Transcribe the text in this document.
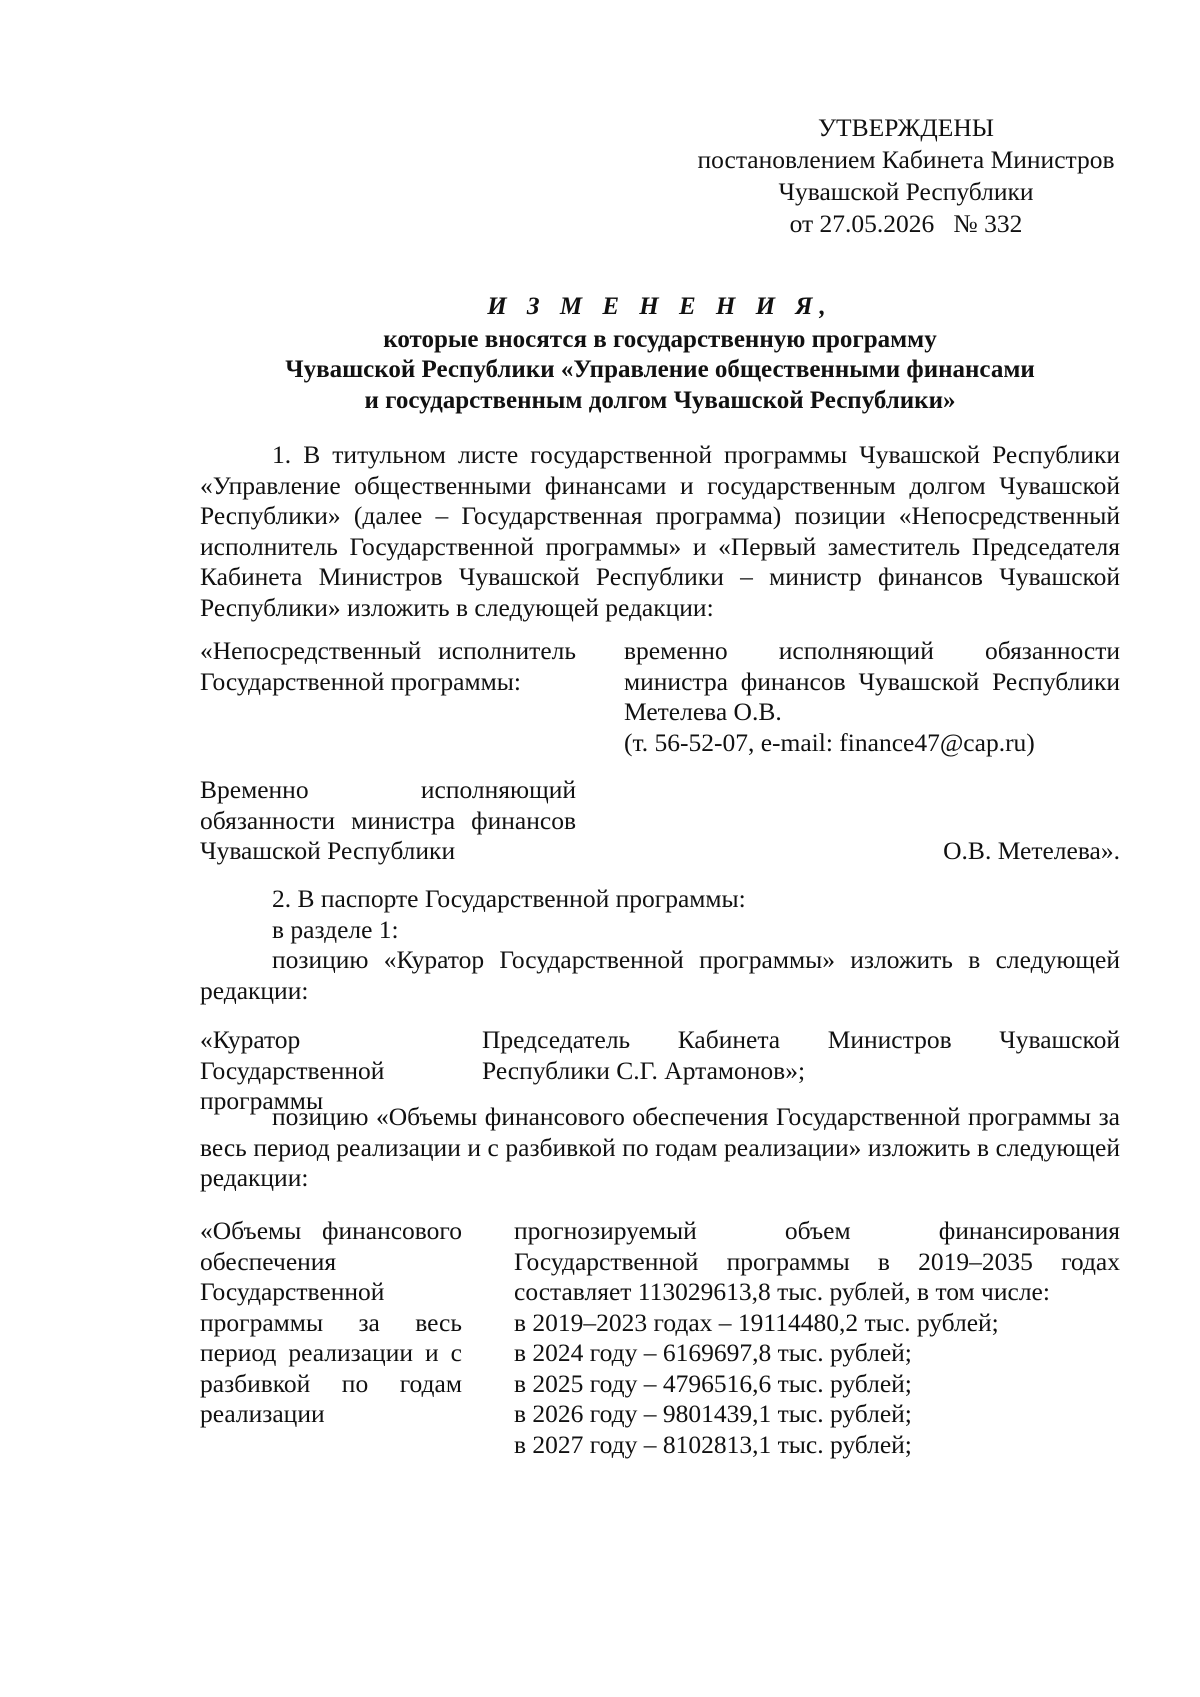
УТВЕРЖДЕНЫ
постановлением Кабинета Министров
Чувашской Республики
от 27.05.2026   № 332
И З М Е Н Е Н И Я,
которые вносятся в государственную программу
Чувашской Республики «Управление общественными финансами
и государственным долгом Чувашской Республики»
1. В титульном листе государственной программы Чувашской Республики «Управление общественными финансами и государственным долгом Чувашской Республики» (далее – Государственная программа) позиции «Непосредственный исполнитель Государственной программы» и «Первый заместитель Председателя Кабинета Министров Чувашской Республики – министр финансов Чувашской Республики» изложить в следующей редакции:
«Непосредственный исполнитель Государственной программы:
временно исполняющий обязанности министра финансов Чувашской Республики Метелева О.В.
(т. 56-52-07, e-mail: finance47@cap.ru)
Временно исполняющий обязанности министра финансов Чувашской Республики	О.В. Метелева».
2. В паспорте Государственной программы:
в разделе 1:
позицию «Куратор Государственной программы» изложить в следующей редакции:
«Куратор Государственной программы
Председатель Кабинета Министров Чувашской Республики С.Г. Артамонов»;
позицию «Объемы финансового обеспечения Государственной программы за весь период реализации и с разбивкой по годам реализации» изложить в следующей редакции:
«Объемы финансового обеспечения Государственной программы за весь период реализации и с разбивкой по годам реализации
прогнозируемый объем финансирования Государственной программы в 2019–2035 годах составляет 113029613,8 тыс. рублей, в том числе:
в 2019–2023 годах – 19114480,2 тыс. рублей;
в 2024 году – 6169697,8 тыс. рублей;
в 2025 году – 4796516,6 тыс. рублей;
в 2026 году – 9801439,1 тыс. рублей;
в 2027 году – 8102813,1 тыс. рублей;
